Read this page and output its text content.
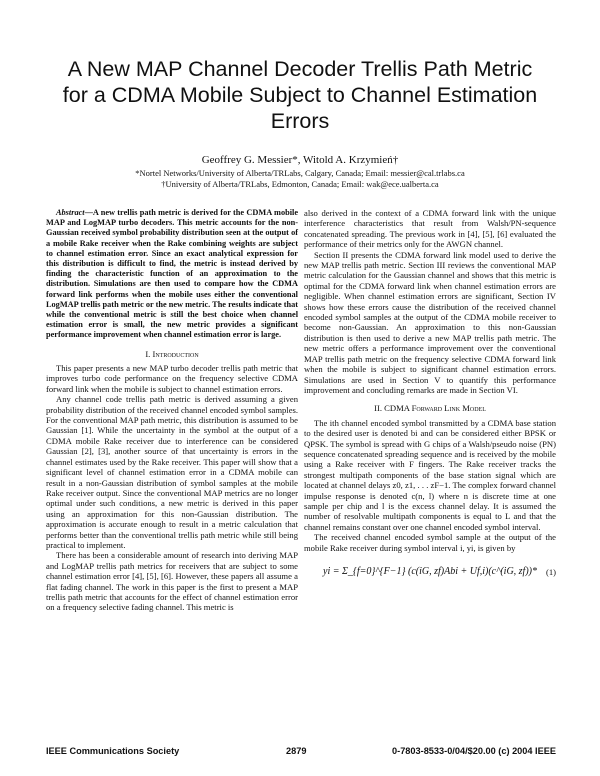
A New MAP Channel Decoder Trellis Path Metric
for a CDMA Mobile Subject to Channel Estimation
Errors
Geoffrey G. Messier*, Witold A. Krzymień†
*Nortel Networks/University of Alberta/TRLabs, Calgary, Canada; Email: messier@cal.trlabs.ca
†University of Alberta/TRLabs, Edmonton, Canada; Email: wak@ece.ualberta.ca

Abstract—A new trellis path metric is derived for the CDMA mobile MAP and LogMAP turbo decoders. This metric accounts for the non-Gaussian received symbol probability distribution seen at the output of a mobile Rake receiver when the Rake combining weights are subject to channel estimation error. Since an exact analytical expression for this distribution is difficult to find, the metric is instead derived by finding the characteristic function of an approximation to the distribution. Simulations are then used to compare how the CDMA forward link performs when the mobile uses either the conventional LogMAP trellis path metric or the new metric. The results indicate that while the conventional metric is still the best choice when channel estimation error is small, the new metric provides a significant performance improvement when channel estimation error is large.

I. Introduction

This paper presents a new MAP turbo decoder trellis path metric that improves turbo code performance on the frequency selective CDMA forward link when the mobile is subject to channel estimation errors.

Any channel code trellis path metric is derived assuming a given probability distribution of the received channel encoded symbol samples. For the conventional MAP path metric, this distribution is assumed to be Gaussian [1]. While the uncertainty in the symbol at the output of a CDMA mobile Rake receiver due to interference can be considered Gaussian [2], [3], another source of that uncertainty is errors in the channel estimates used by the Rake receiver. This paper will show that a significant level of channel estimation error in a CDMA mobile can result in a non-Gaussian distribution of symbol samples at the mobile Rake receiver output. Since the conventional MAP metrics are no longer optimal under such conditions, a new metric is derived in this paper using an approximation for this non-Gaussian distribution. The approximation is accurate enough to result in a metric calculation that performs better than the conventional trellis path metric while still being practical to implement.

There has been a considerable amount of research into deriving MAP and LogMAP trellis path metrics for receivers that are subject to some channel estimation error [4], [5], [6]. However, these papers all assume a flat fading channel. The work in this paper is the first to present a MAP trellis path metric that accounts for the effect of channel estimation error on a frequency selective fading channel. This metric is

also derived in the context of a CDMA forward link with the unique interference characteristics that result from Walsh/PN-sequence concatenated spreading. The previous work in [4], [5], [6] evaluated the performance of their metrics only for the AWGN channel.

Section II presents the CDMA forward link model used to derive the new MAP trellis path metric. Section III reviews the conventional MAP metric calculation for the Gaussian channel and shows that this metric is optimal for the CDMA forward link when channel estimation errors are negligible. When channel estimation errors are significant, Section IV shows how these errors cause the distribution of the received channel encoded symbol samples at the output of the CDMA mobile receiver to become non-Gaussian. An approximation to this non-Gaussian distribution is then used to derive a new MAP trellis path metric. The new metric offers a performance improvement over the conventional MAP trellis path metric on the frequency selective CDMA forward link when the mobile is subject to significant channel estimation errors. Simulations are used in Section V to quantify this performance improvement and concluding remarks are made in Section VI.

II. CDMA Forward Link Model

The ith channel encoded symbol transmitted by a CDMA base station to the desired user is denoted bi and can be considered either BPSK or QPSK. The symbol is spread with G chips of a Walsh/pseudo noise (PN) sequence concatenated spreading sequence and is received by the mobile using a Rake receiver with F fingers. The Rake receiver tracks the strongest multipath components of the base station signal which are located at channel delays z0, z1, . . . zF−1. The complex forward channel impulse response is denoted c(n, l) where n is discrete time at one sample per chip and l is the excess channel delay. It is assumed the number of resolvable multipath components is equal to L and that the channel remains constant over one channel encoded symbol interval.

The received channel encoded symbol sample at the output of the mobile Rake receiver during symbol interval i, yi, is given by

yi = Σ_{f=0}^{F−1} (c(iG, zf)Abi + Uf,i)(c^(iG, zf))* (1)
IEEE Communications Society	2879	0-7803-8533-0/04/$20.00 (c) 2004 IEEE
